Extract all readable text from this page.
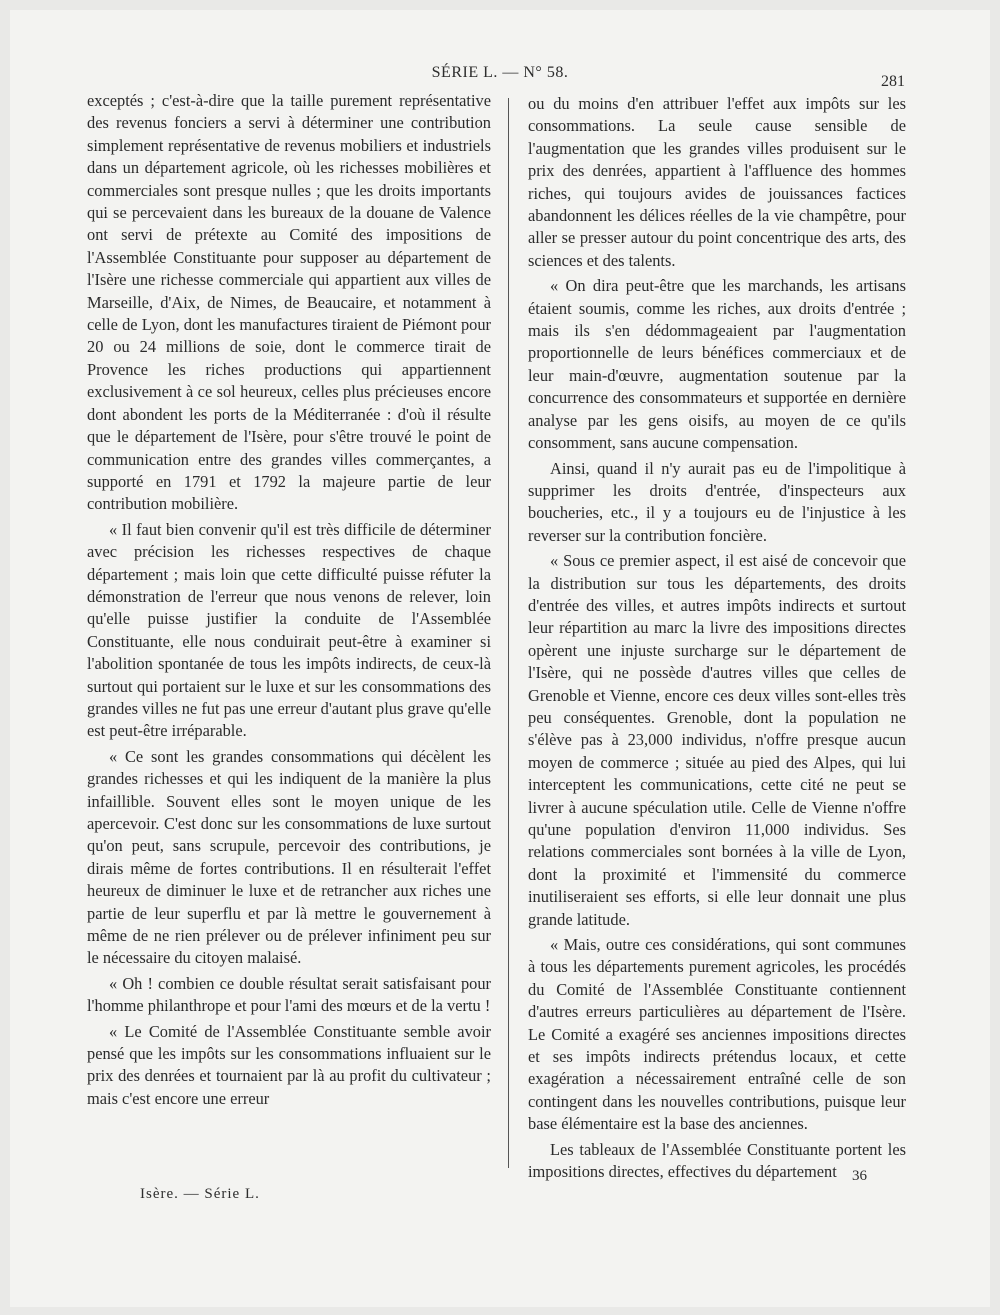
SÉRIE L. — N° 58.
281

exceptés ; c'est-à-dire que la taille purement représentative des revenus fonciers a servi à déterminer une contribution simplement représentative de revenus mobiliers et industriels dans un département agricole, où les richesses mobilières et commerciales sont presque nulles ; que les droits importants qui se percevaient dans les bureaux de la douane de Valence ont servi de prétexte au Comité des impositions de l'Assemblée Constituante pour supposer au département de l'Isère une richesse commerciale qui appartient aux villes de Marseille, d'Aix, de Nimes, de Beaucaire, et notamment à celle de Lyon, dont les manufactures tiraient de Piémont pour 20 ou 24 millions de soie, dont le commerce tirait de Provence les riches productions qui appartiennent exclusivement à ce sol heureux, celles plus précieuses encore dont abondent les ports de la Méditerranée : d'où il résulte que le département de l'Isère, pour s'être trouvé le point de communication entre des grandes villes commerçantes, a supporté en 1791 et 1792 la majeure partie de leur contribution mobilière.

« Il faut bien convenir qu'il est très difficile de déterminer avec précision les richesses respectives de chaque département ; mais loin que cette difficulté puisse réfuter la démonstration de l'erreur que nous venons de relever, loin qu'elle puisse justifier la conduite de l'Assemblée Constituante, elle nous conduirait peut-être à examiner si l'abolition spontanée de tous les impôts indirects, de ceux-là surtout qui portaient sur le luxe et sur les consommations des grandes villes ne fut pas une erreur d'autant plus grave qu'elle est peut-être irréparable.

« Ce sont les grandes consommations qui décèlent les grandes richesses et qui les indiquent de la manière la plus infaillible. Souvent elles sont le moyen unique de les apercevoir. C'est donc sur les consommations de luxe surtout qu'on peut, sans scrupule, percevoir des contributions, je dirais même de fortes contributions. Il en résulterait l'effet heureux de diminuer le luxe et de retrancher aux riches une partie de leur superflu et par là mettre le gouvernement à même de ne rien prélever ou de prélever infiniment peu sur le nécessaire du citoyen malaisé.

« Oh ! combien ce double résultat serait satisfaisant pour l'homme philanthrope et pour l'ami des mœurs et de la vertu !

« Le Comité de l'Assemblée Constituante semble avoir pensé que les impôts sur les consommations influaient sur le prix des denrées et tournaient par là au profit du cultivateur ; mais c'est encore une erreur

ou du moins d'en attribuer l'effet aux impôts sur les consommations. La seule cause sensible de l'augmentation que les grandes villes produisent sur le prix des denrées, appartient à l'affluence des hommes riches, qui toujours avides de jouissances factices abandonnent les délices réelles de la vie champêtre, pour aller se presser autour du point concentrique des arts, des sciences et des talents.

« On dira peut-être que les marchands, les artisans étaient soumis, comme les riches, aux droits d'entrée ; mais ils s'en dédommageaient par l'augmentation proportionnelle de leurs bénéfices commerciaux et de leur main-d'œuvre, augmentation soutenue par la concurrence des consommateurs et supportée en dernière analyse par les gens oisifs, au moyen de ce qu'ils consomment, sans aucune compensation.

Ainsi, quand il n'y aurait pas eu de l'impolitique à supprimer les droits d'entrée, d'inspecteurs aux boucheries, etc., il y a toujours eu de l'injustice à les reverser sur la contribution foncière.

« Sous ce premier aspect, il est aisé de concevoir que la distribution sur tous les départements, des droits d'entrée des villes, et autres impôts indirects et surtout leur répartition au marc la livre des impositions directes opèrent une injuste surcharge sur le département de l'Isère, qui ne possède d'autres villes que celles de Grenoble et Vienne, encore ces deux villes sont-elles très peu conséquentes. Grenoble, dont la population ne s'élève pas à 23,000 individus, n'offre presque aucun moyen de commerce ; située au pied des Alpes, qui lui interceptent les communications, cette cité ne peut se livrer à aucune spéculation utile. Celle de Vienne n'offre qu'une population d'environ 11,000 individus. Ses relations commerciales sont bornées à la ville de Lyon, dont la proximité et l'immensité du commerce inutiliseraient ses efforts, si elle leur donnait une plus grande latitude.

« Mais, outre ces considérations, qui sont communes à tous les départements purement agricoles, les procédés du Comité de l'Assemblée Constituante contiennent d'autres erreurs particulières au département de l'Isère. Le Comité a exagéré ses anciennes impositions directes et ses impôts indirects prétendus locaux, et cette exagération a nécessairement entraîné celle de son contingent dans les nouvelles contributions, puisque leur base élémentaire est la base des anciennes.

Les tableaux de l'Assemblée Constituante portent les impositions directes, effectives du département

Isère. — Série L.
36
